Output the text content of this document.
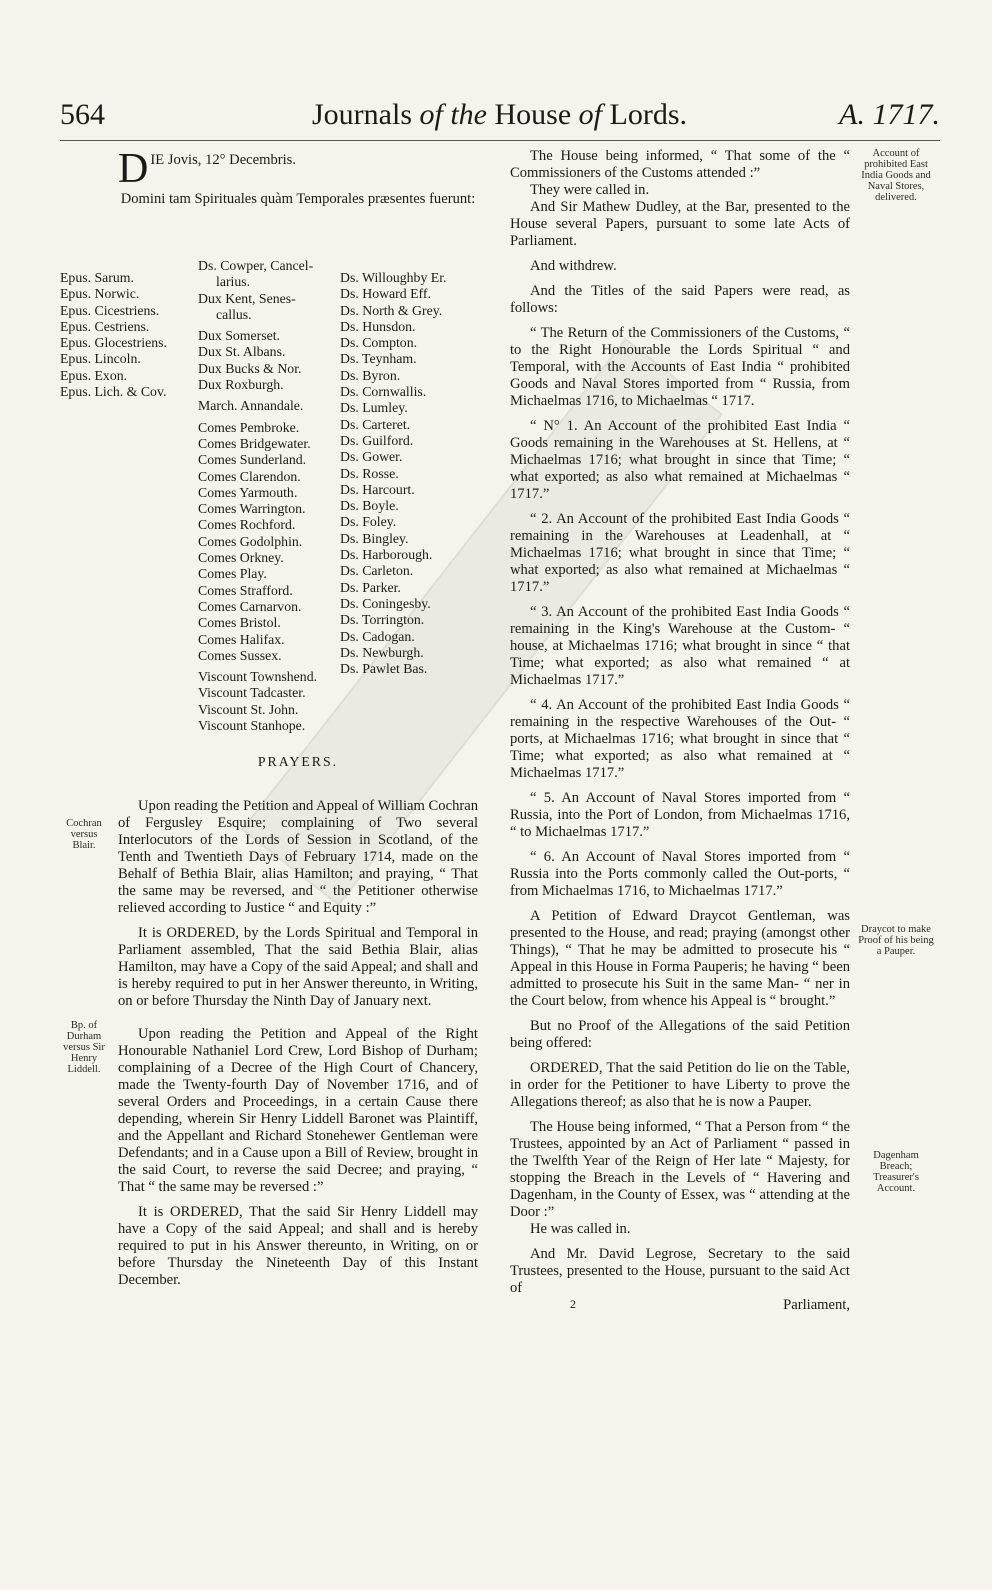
564	Journals of the House of Lords.	A. 1717.
D IE Jovis, 12° Decembris.
Domini tam Spirituales quàm Temporales præsentes fuerunt:
Epus. Sarum.
Epus. Norwic.
Epus. Cicestriens.
Epus. Cestriens.
Epus. Glocestriens.
Epus. Lincoln.
Epus. Exon.
Epus. Lich. & Cov.
Ds. Cowper, Cancel-
larius.
Dux Kent, Senes-
callus.
Dux Somerset.
Dux St. Albans.
Dux Bucks & Nor.
Dux Roxburgh.
March. Annandale.
Comes Pembroke.
Comes Bridgewater.
Comes Sunderland.
Comes Clarendon.
Comes Yarmouth.
Comes Warrington.
Comes Rochford.
Comes Godolphin.
Comes Orkney.
Comes Play.
Comes Strafford.
Comes Carnarvon.
Comes Bristol.
Comes Halifax.
Comes Sussex.
Viscount Townshend.
Viscount Tadcaster.
Viscount St. John.
Viscount Stanhope.
Ds. Willoughby Er.
Ds. Howard Eff.
Ds. North & Grey.
Ds. Hunsdon.
Ds. Compton.
Ds. Teynham.
Ds. Byron.
Ds. Cornwallis.
Ds. Lumley.
Ds. Carteret.
Ds. Guilford.
Ds. Gower.
Ds. Rosse.
Ds. Harcourt.
Ds. Boyle.
Ds. Foley.
Ds. Bingley.
Ds. Harborough.
Ds. Carleton.
Ds. Parker.
Ds. Coningesby.
Ds. Torrington.
Ds. Cadogan.
Ds. Newburgh.
Ds. Pawlet Bas.
PRAYERS.

Upon reading the Petition and Appeal of William Cochran of Fergusley Esquire; complaining of Two several Interlocutors of the Lords of Session in Scotland, of the Tenth and Twentieth Days of February 1714, made on the Behalf of Bethia Blair, alias Hamilton; and praying, “ That the same may be reversed, and “ the Petitioner otherwise relieved according to Justice “ and Equity :”

It is ORDERED, by the Lords Spiritual and Temporal in Parliament assembled, That the said Bethia Blair, alias Hamilton, may have a Copy of the said Appeal; and shall and is hereby required to put in her Answer thereunto, in Writing, on or before Thursday the Ninth Day of January next.

Upon reading the Petition and Appeal of the Right Honourable Nathaniel Lord Crew, Lord Bishop of Durham; complaining of a Decree of the High Court of Chancery, made the Twenty-fourth Day of November 1716, and of several Orders and Proceedings, in a certain Cause there depending, wherein Sir Henry Liddell Baronet was Plaintiff, and the Appellant and Richard Stonehewer Gentleman were Defendants; and in a Cause upon a Bill of Review, brought in the said Court, to reverse the said Decree; and praying, “ That “ the same may be reversed :”

It is ORDERED, That the said Sir Henry Liddell may have a Copy of the said Appeal; and shall and is hereby required to put in his Answer thereunto, in Writing, on or before Thursday the Nineteenth Day of this Instant December.

The House being informed, “ That some of the “ Commissioners of the Customs attended :”

They were called in.

And Sir Mathew Dudley, at the Bar, presented to the House several Papers, pursuant to some late Acts of Parliament.

And withdrew.

And the Titles of the said Papers were read, as follows:

“ The Return of the Commissioners of the Customs, “ to the Right Honourable the Lords Spiritual “ and Temporal, with the Accounts of East India “ prohibited Goods and Naval Stores imported from “ Russia, from Michaelmas 1716, to Michaelmas “ 1717.

“ N° 1. An Account of the prohibited East India “ Goods remaining in the Warehouses at St. Hellens, at “ Michaelmas 1716; what brought in since that Time; “ what exported; as also what remained at Michaelmas “ 1717.”

“ 2. An Account of the prohibited East India Goods “ remaining in the Warehouses at Leadenhall, at “ Michaelmas 1716; what brought in since that Time; “ what exported; as also what remained at Michaelmas “ 1717.”

“ 3. An Account of the prohibited East India Goods “ remaining in the King's Warehouse at the Custom- “ house, at Michaelmas 1716; what brought in since “ that Time; what exported; as also what remained “ at Michaelmas 1717.”

“ 4. An Account of the prohibited East India Goods “ remaining in the respective Warehouses of the Out- “ ports, at Michaelmas 1716; what brought in since that “ Time; what exported; as also what remained at “ Michaelmas 1717.”

“ 5. An Account of Naval Stores imported from “ Russia, into the Port of London, from Michaelmas 1716, “ to Michaelmas 1717.”

“ 6. An Account of Naval Stores imported from “ Russia into the Ports commonly called the Out-ports, “ from Michaelmas 1716, to Michaelmas 1717.”

A Petition of Edward Draycot Gentleman, was presented to the House, and read; praying (amongst other Things), “ That he may be admitted to prosecute his “ Appeal in this House in Forma Pauperis; he having “ been admitted to prosecute his Suit in the same Man- “ ner in the Court below, from whence his Appeal is “ brought.”

But no Proof of the Allegations of the said Petition being offered:

ORDERED, That the said Petition do lie on the Table, in order for the Petitioner to have Liberty to prove the Allegations thereof; as also that he is now a Pauper.

The House being informed, “ That a Person from “ the Trustees, appointed by an Act of Parliament “ passed in the Twelfth Year of the Reign of Her late “ Majesty, for stopping the Breach in the Levels of “ Havering and Dagenham, in the County of Essex, was “ attending at the Door :”

He was called in.

And Mr. David Legrose, Secretary to the said Trustees, presented to the House, pursuant to the said Act of

2	Parliament,
Cochran versus Blair.
Bp. of Durham versus Sir Henry Liddell.
Account of prohibited East India Goods and Naval Stores, delivered.
Draycot to make Proof of his being a Pauper.
Dagenham Breach; Treasurer's Account.
